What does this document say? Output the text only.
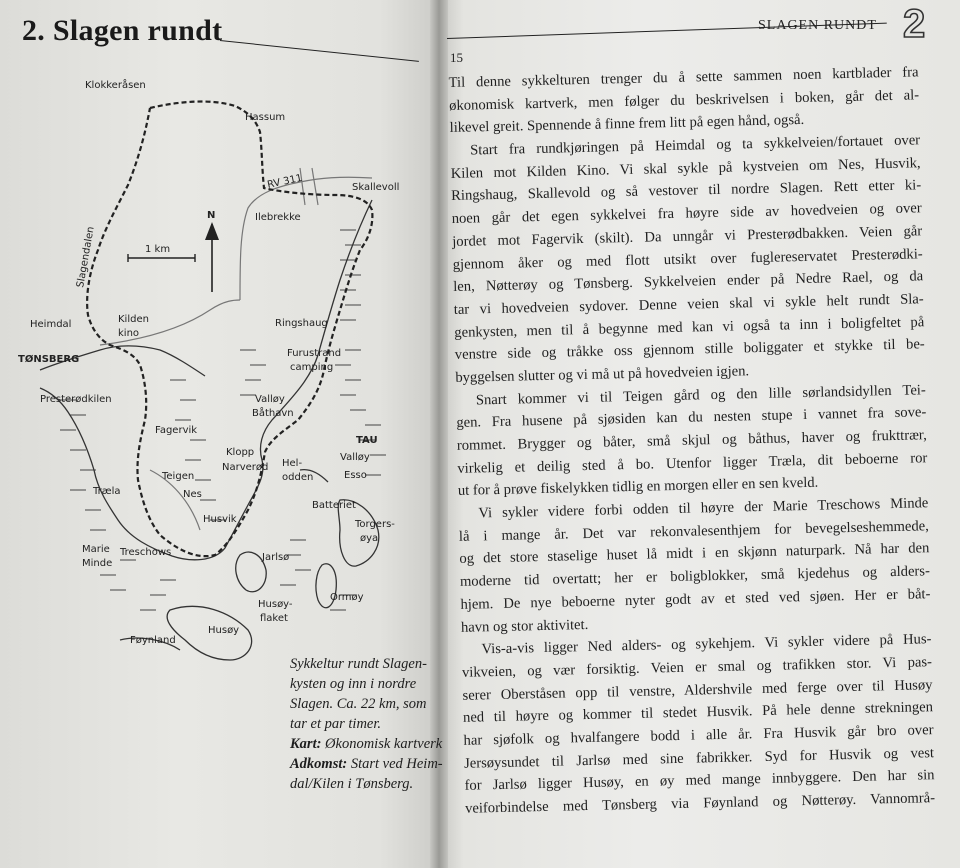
2. Slagen rundt
N
1 km
Klokkeråsen
Hassum
RV 311	Skallevoll
Ilebrekke
Slagendalen
Heimdal	Kilden
kino
TØNSBERG
Ringshaug
Furustrand
camping
Presterødkilen	Valløy
Båthavn
Fagervik
TAU
Klopp
Narverød
Valløy
Esso
Hel-
odden
Teigen
Træla	Nes
Batteriet
Husvik	Torgers-
øya
Marie Treschows
Minde
Jarlsø
Ormøy
Husøy-
flaket
Føynland
Husøy
Sykkeltur rundt Slagen-
kysten og inn i nordre
Slagen. Ca. 22 km, som
tar et par timer.
Kart: Økonomisk kartverk
Adkomst: Start ved Heim-
dal/Kilen i Tønsberg.
SLAGEN RUNDT 2
15
Til denne sykkelturen trenger du å sette sammen noen kartblader fra
økonomisk kartverk, men følger du beskrivelsen i boken, går det al-
likevel greit. Spennende å finne frem litt på egen hånd, også.
Start fra rundkjøringen på Heimdal og ta sykkelveien/fortauet over
Kilen mot Kilden Kino. Vi skal sykle på kystveien om Nes, Husvik,
Ringshaug, Skallevold og så vestover til nordre Slagen. Rett etter ki-
noen går det egen sykkelvei fra høyre side av hovedveien og over
jordet mot Fagervik (skilt). Da unngår vi Presterødbakken. Veien går
gjennom åker og med flott utsikt over fuglereservatet Presterødki-
len, Nøtterøy og Tønsberg. Sykkelveien ender på Nedre Rael, og da
tar vi hovedveien sydover. Denne veien skal vi sykle helt rundt Sla-
genkysten, men til å begynne med kan vi også ta inn i boligfeltet på
venstre side og tråkke oss gjennom stille boliggater et stykke til be-
byggelsen slutter og vi må ut på hovedveien igjen.
Snart kommer vi til Teigen gård og den lille sørlandsidyllen Tei-
gen. Fra husene på sjøsiden kan du nesten stupe i vannet fra sove-
rommet. Brygger og båter, små skjul og båthus, haver og frukttrær,
virkelig et deilig sted å bo. Utenfor ligger Træla, dit beboerne ror
ut for å prøve fiskelykken tidlig en morgen eller en sen kveld.
Vi sykler videre forbi odden til høyre der Marie Treschows Minde
lå i mange år. Det var rekonvalesenthjem for bevegelseshemmede,
og det store staselige huset lå midt i en skjønn naturpark. Nå har den
moderne tid overtatt; her er boligblokker, små kjedehus og alders-
hjem. De nye beboerne nyter godt av et sted ved sjøen. Her er båt-
havn og stor aktivitet.
Vis-a-vis ligger Ned alders- og sykehjem. Vi sykler videre på Hus-
vikveien, og vær forsiktig. Veien er smal og trafikken stor. Vi pas-
serer Oberståsen opp til venstre, Aldershvile med ferge over til Husøy
ned til høyre og kommer til stedet Husvik. På hele denne strekningen
har sjøfolk og hvalfangere bodd i alle år. Fra Husvik går bro over
Jersøysundet til Jarlsø med sine fabrikker. Syd for Husvik og vest
for Jarlsø ligger Husøy, en øy med mange innbyggere. Den har sin
veiforbindelse med Tønsberg via Føynland og Nøtterøy. Vannområ-
